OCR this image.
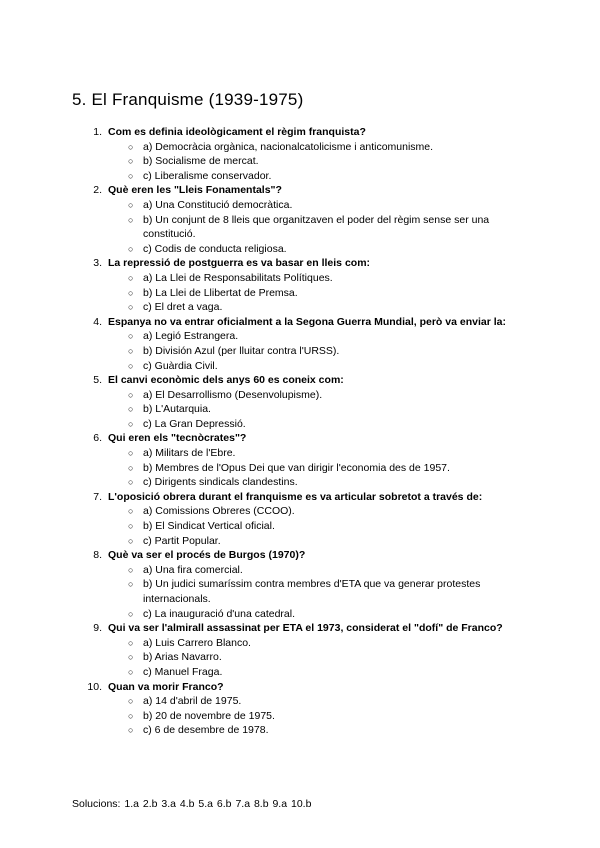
5. El Franquisme (1939-1975)
1. Com es definia ideològicament el règim franquista?
○ a) Democràcia orgànica, nacionalcatolicisme i anticomunisme.
○ b) Socialisme de mercat.
○ c) Liberalisme conservador.
2. Què eren les "Lleis Fonamentals"?
○ a) Una Constitució democràtica.
○ b) Un conjunt de 8 lleis que organitzaven el poder del règim sense ser una constitució.
○ c) Codis de conducta religiosa.
3. La repressió de postguerra es va basar en lleis com:
○ a) La Llei de Responsabilitats Polítiques.
○ b) La Llei de Llibertat de Premsa.
○ c) El dret a vaga.
4. Espanya no va entrar oficialment a la Segona Guerra Mundial, però va enviar la:
○ a) Legió Estrangera.
○ b) División Azul (per lluitar contra l'URSS).
○ c) Guàrdia Civil.
5. El canvi econòmic dels anys 60 es coneix com:
○ a) El Desarrollismo (Desenvolupisme).
○ b) L'Autarquia.
○ c) La Gran Depressió.
6. Qui eren els "tecnòcrates"?
○ a) Militars de l'Ebre.
○ b) Membres de l'Opus Dei que van dirigir l'economia des de 1957.
○ c) Dirigents sindicals clandestins.
7. L'oposició obrera durant el franquisme es va articular sobretot a través de:
○ a) Comissions Obreres (CCOO).
○ b) El Sindicat Vertical oficial.
○ c) Partit Popular.
8. Què va ser el procés de Burgos (1970)?
○ a) Una fira comercial.
○ b) Un judici sumaríssim contra membres d'ETA que va generar protestes internacionals.
○ c) La inauguració d'una catedral.
9. Qui va ser l'almirall assassinat per ETA el 1973, considerat el "dofí" de Franco?
○ a) Luis Carrero Blanco.
○ b) Arias Navarro.
○ c) Manuel Fraga.
10. Quan va morir Franco?
○ a) 14 d'abril de 1975.
○ b) 20 de novembre de 1975.
○ c) 6 de desembre de 1978.
Solucions: 1.a 2.b 3.a 4.b 5.a 6.b 7.a 8.b 9.a 10.b
